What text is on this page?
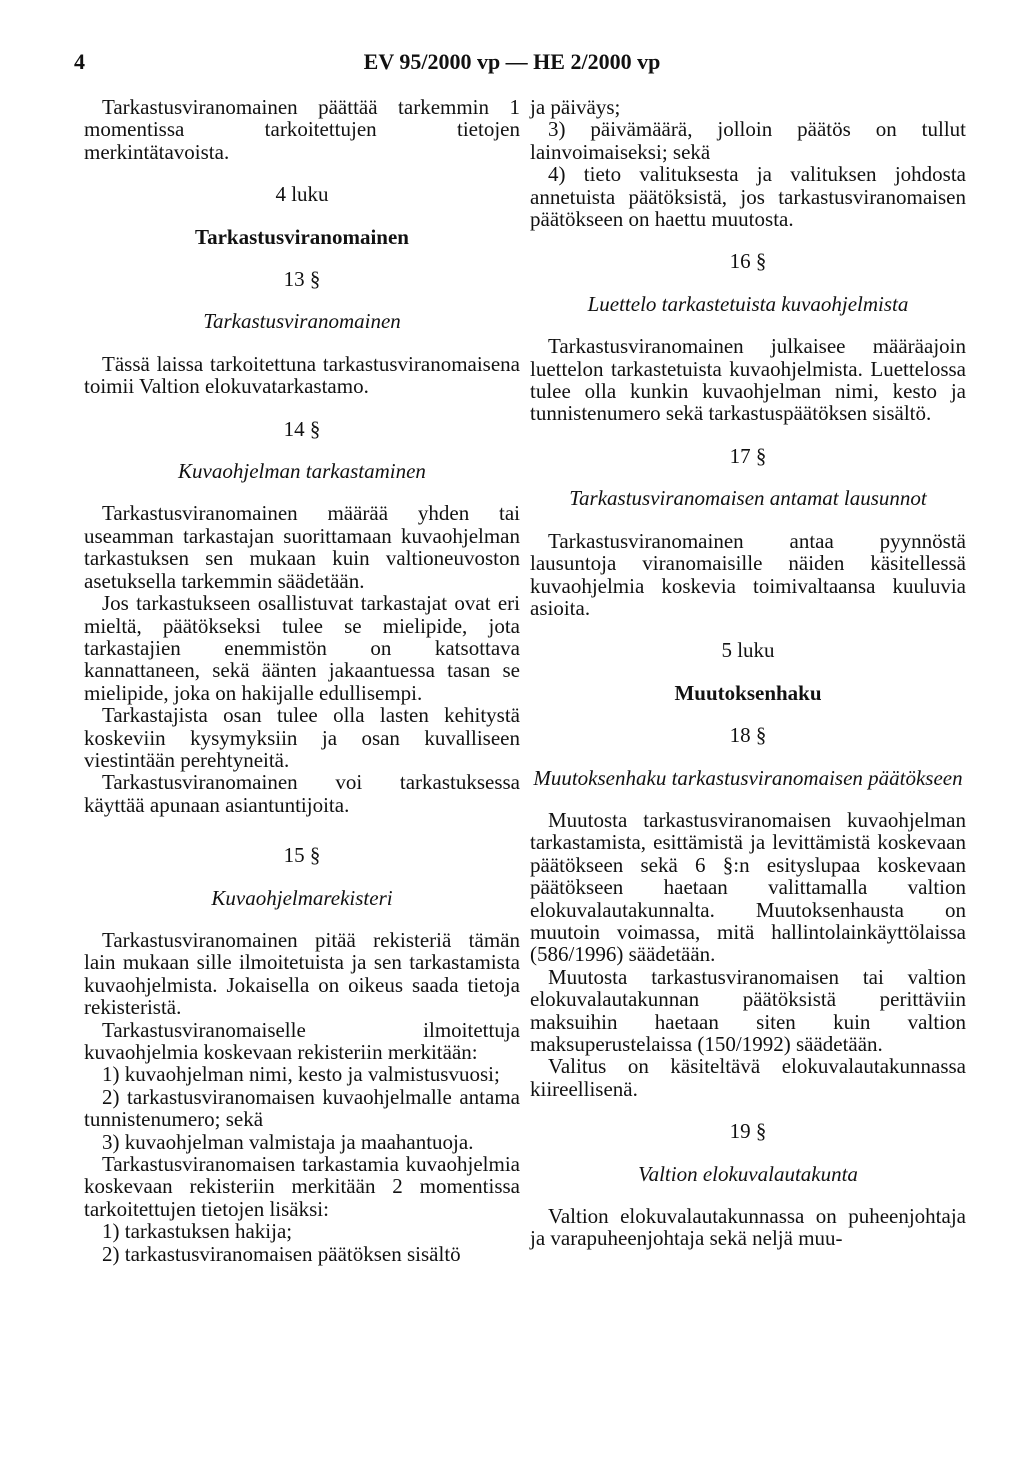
4	EV 95/2000 vp — HE 2/2000 vp

Tarkastusviranomainen päättää tarkemmin 1 momentissa tarkoitettujen tietojen merkintätavoista.

4 luku

Tarkastusviranomainen

13 §

Tarkastusviranomainen

Tässä laissa tarkoitettuna tarkastusviranomaisena toimii Valtion elokuvatarkastamo.

14 §

Kuvaohjelman tarkastaminen

Tarkastusviranomainen määrää yhden tai useamman tarkastajan suorittamaan kuvaohjelman tarkastuksen sen mukaan kuin valtioneuvoston asetuksella tarkemmin säädetään.

Jos tarkastukseen osallistuvat tarkastajat ovat eri mieltä, päätökseksi tulee se mielipide, jota tarkastajien enemmistön on katsottava kannattaneen, sekä äänten jakaantuessa tasan se mielipide, joka on hakijalle edullisempi.

Tarkastajista osan tulee olla lasten kehitystä koskeviin kysymyksiin ja osan kuvalliseen viestintään perehtyneitä.

Tarkastusviranomainen voi tarkastuksessa käyttää apunaan asiantuntijoita.

15 §

Kuvaohjelmarekisteri

Tarkastusviranomainen pitää rekisteriä tämän lain mukaan sille ilmoitetuista ja sen tarkastamista kuvaohjelmista. Jokaisella on oikeus saada tietoja rekisteristä.

Tarkastusviranomaiselle ilmoitettuja kuvaohjelmia koskevaan rekisteriin merkitään:

1) kuvaohjelman nimi, kesto ja valmistusvuosi;

2) tarkastusviranomaisen kuvaohjelmalle antama tunnistenumero; sekä

3) kuvaohjelman valmistaja ja maahantuoja.

Tarkastusviranomaisen tarkastamia kuvaohjelmia koskevaan rekisteriin merkitään 2 momentissa tarkoitettujen tietojen lisäksi:

1) tarkastuksen hakija;

2) tarkastusviranomaisen päätöksen sisältö

ja päiväys;

3) päivämäärä, jolloin päätös on tullut lainvoimaiseksi; sekä

4) tieto valituksesta ja valituksen johdosta annetuista päätöksistä, jos tarkastusviranomaisen päätökseen on haettu muutosta.

16 §

Luettelo tarkastetuista kuvaohjelmista

Tarkastusviranomainen julkaisee määräajoin luettelon tarkastetuista kuvaohjelmista. Luettelossa tulee olla kunkin kuvaohjelman nimi, kesto ja tunnistenumero sekä tarkastuspäätöksen sisältö.

17 §

Tarkastusviranomaisen antamat lausunnot

Tarkastusviranomainen antaa pyynnöstä lausuntoja viranomaisille näiden käsitellessä kuvaohjelmia koskevia toimivaltaansa kuuluvia asioita.

5 luku

Muutoksenhaku

18 §

Muutoksenhaku tarkastusviranomaisen päätökseen

Muutosta tarkastusviranomaisen kuvaohjelman tarkastamista, esittämistä ja levittämistä koskevaan päätökseen sekä 6 §:n esityslupaa koskevaan päätökseen haetaan valittamalla valtion elokuvalautakunnalta. Muutoksenhausta on muutoin voimassa, mitä hallintolainkäyttölaissa (586/1996) säädetään.

Muutosta tarkastusviranomaisen tai valtion elokuvalautakunnan päätöksistä perittäviin maksuihin haetaan siten kuin valtion maksuperustelaissa (150/1992) säädetään.

Valitus on käsiteltävä elokuvalautakunnassa kiireellisenä.

19 §

Valtion elokuvalautakunta

Valtion elokuvalautakunnassa on puheenjohtaja ja varapuheenjohtaja sekä neljä muu-
